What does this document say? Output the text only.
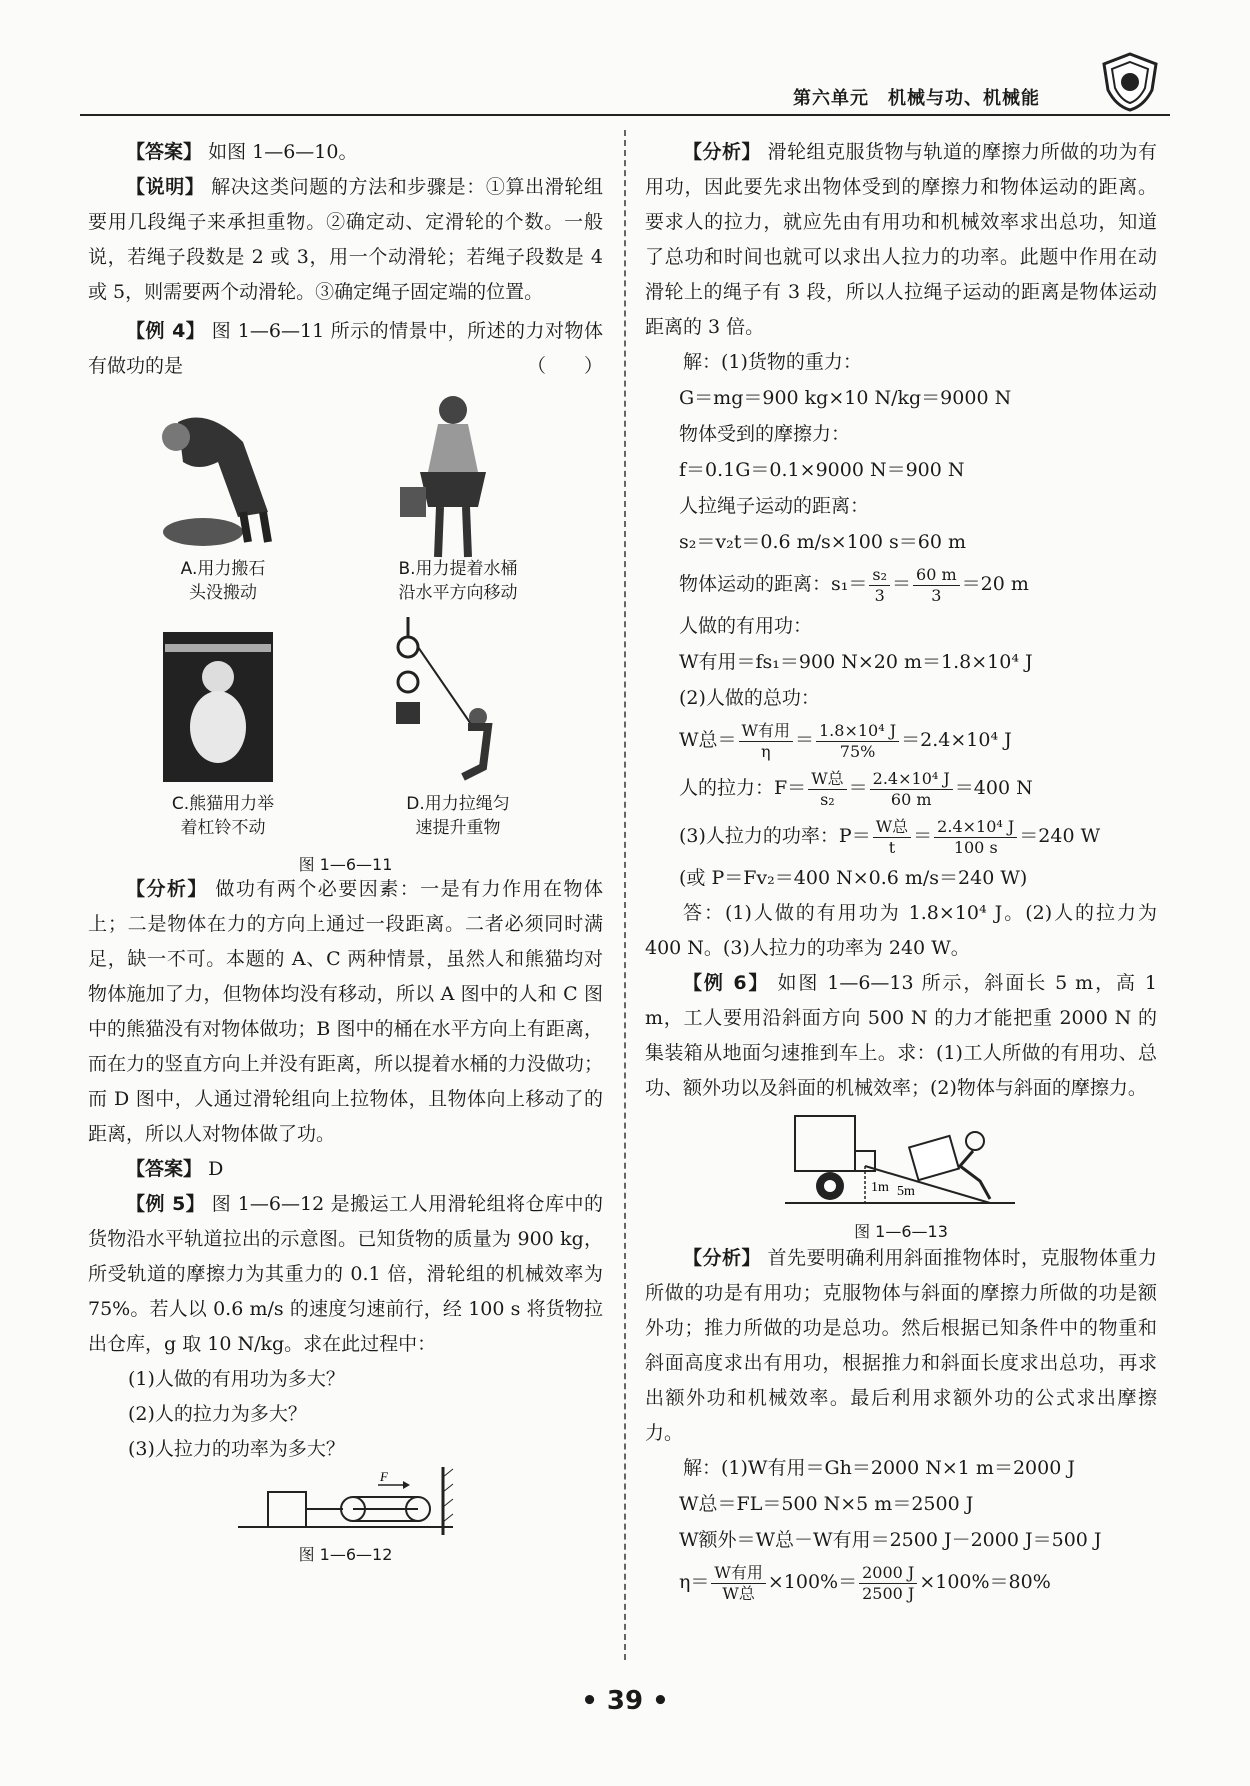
第六单元　机械与功、机械能

【答案】 如图 1—6—10。

【说明】 解决这类问题的方法和步骤是：①算出滑轮组要用几段绳子来承担重物。②确定动、定滑轮的个数。一般说，若绳子段数是 2 或 3，用一个动滑轮；若绳子段数是 4 或 5，则需要两个动滑轮。③确定绳子固定端的位置。

【例 4】 图 1—6—11 所示的情景中，所述的力对物体有做功的是	（　　）

A.用力搬石
头没搬动
B.用力提着水桶
沿水平方向移动
C.熊猫用力举
着杠铃不动
D.用力拉绳匀
速提升重物
图 1—6—11

【分析】 做功有两个必要因素：一是有力作用在物体上；二是物体在力的方向上通过一段距离。二者必须同时满足，缺一不可。本题的 A、C 两种情景，虽然人和熊猫均对物体施加了力，但物体均没有移动，所以 A 图中的人和 C 图中的熊猫没有对物体做功；B 图中的桶在水平方向上有距离，而在力的竖直方向上并没有距离，所以提着水桶的力没做功；而 D 图中，人通过滑轮组向上拉物体，且物体向上移动了的距离，所以人对物体做了功。

【答案】 D

【例 5】 图 1—6—12 是搬运工人用滑轮组将仓库中的货物沿水平轨道拉出的示意图。已知货物的质量为 900 kg，所受轨道的摩擦力为其重力的 0.1 倍，滑轮组的机械效率为 75%。若人以 0.6 m/s 的速度匀速前行，经 100 s 将货物拉出仓库，g 取 10 N/kg。求在此过程中：

(1)人做的有用功为多大？

(2)人的拉力为多大？

(3)人拉力的功率为多大？

F
图 1—6—12

【分析】 滑轮组克服货物与轨道的摩擦力所做的功为有用功，因此要先求出物体受到的摩擦力和物体运动的距离。要求人的拉力，就应先由有用功和机械效率求出总功，知道了总功和时间也就可以求出人拉力的功率。此题中作用在动滑轮上的绳子有 3 段，所以人拉绳子运动的距离是物体运动距离的 3 倍。

解：(1)货物的重力：

G＝mg＝900 kg×10 N/kg＝9000 N

物体受到的摩擦力：

f＝0.1G＝0.1×9000 N＝900 N

人拉绳子运动的距离：

s₂＝v₂t＝0.6 m/s×100 s＝60 m

物体运动的距离：$s_1= \frac{\text{s₂}}{3} = \frac{60 m}{3} =20$ m

人做的有用功：

W有用＝fs₁＝900 N×20 m＝1.8×10⁴ J

(2)人做的总功：

W总＝ $\frac{\text{W有用}}{\eta} = \frac{\text{1.8×10⁴ J}}{75\%} =2.4\times 10^4$ J

人的拉力：$F= \frac{\text{W总}}{\text{s₂}} = \frac{\text{2.4×10⁴ J}}{60 m} =400$ N

(3)人拉力的功率：$P= \frac{\text{W总}}{t} = \frac{\text{2.4×10⁴ J}}{100 s} =240$ W

(或 P＝Fv₂＝400 N×0.6 m/s＝240 W)

答：(1)人做的有用功为 1.8×10⁴ J。(2)人的拉力为 400 N。(3)人拉力的功率为 240 W。

【例 6】 如图 1—6—13 所示，斜面长 5 m，高 1 m，工人要用沿斜面方向 500 N 的力才能把重 2000 N 的集装箱从地面匀速推到车上。求：(1)工人所做的有用功、总功、额外功以及斜面的机械效率；(2)物体与斜面的摩擦力。

1m 5m
图 1—6—13

【分析】 首先要明确利用斜面推物体时，克服物体重力所做的功是有用功；克服物体与斜面的摩擦力所做的功是额外功；推力所做的功是总功。然后根据已知条件中的物重和斜面高度求出有用功，根据推力和斜面长度求出总功，再求出额外功和机械效率。最后利用求额外功的公式求出摩擦力。

解：(1)W有用＝Gh＝2000 N×1 m＝2000 J

W总＝FL＝500 N×5 m＝2500 J

W额外＝W总－W有用＝2500 J－2000 J＝500 J

$\eta= \frac{\text{W有用}}{\text{W总}} \times 100\%= \frac{2000 J}{2500 J} \times 100\%=80\%$

• 39 •
